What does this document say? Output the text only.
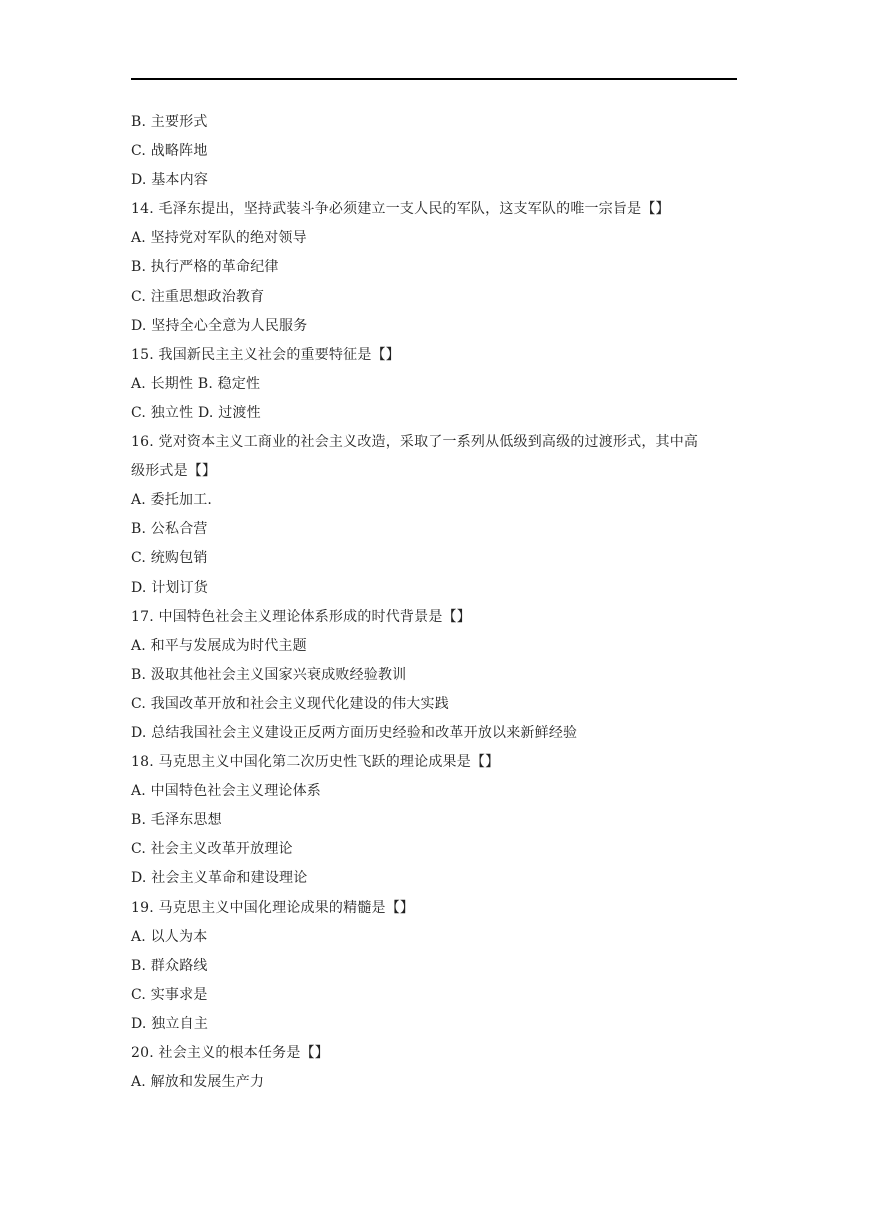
B. 主要形式
C. 战略阵地
D. 基本内容
14. 毛泽东提出，坚持武装斗争必须建立一支人民的军队，这支军队的唯一宗旨是【】
A. 坚持党对军队的绝对领导
B. 执行严格的革命纪律
C. 注重思想政治教育
D. 坚持全心全意为人民服务
15. 我国新民主主义社会的重要特征是【】
A. 长期性 B. 稳定性
C. 独立性 D. 过渡性
16. 党对资本主义工商业的社会主义改造，采取了一系列从低级到高级的过渡形式，其中高
级形式是【】
A. 委托加工.
B. 公私合营
C. 统购包销
D. 计划订货
17. 中国特色社会主义理论体系形成的时代背景是【】
A. 和平与发展成为时代主题
B. 汲取其他社会主义国家兴衰成败经验教训
C. 我国改革开放和社会主义现代化建设的伟大实践
D. 总结我国社会主义建设正反两方面历史经验和改革开放以来新鲜经验
18. 马克思主义中国化第二次历史性飞跃的理论成果是【】
A. 中国特色社会主义理论体系
B. 毛泽东思想
C. 社会主义改革开放理论
D. 社会主义革命和建设理论
19. 马克思主义中国化理论成果的精髓是【】
A. 以人为本
B. 群众路线
C. 实事求是
D. 独立自主
20. 社会主义的根本任务是【】
A. 解放和发展生产力
